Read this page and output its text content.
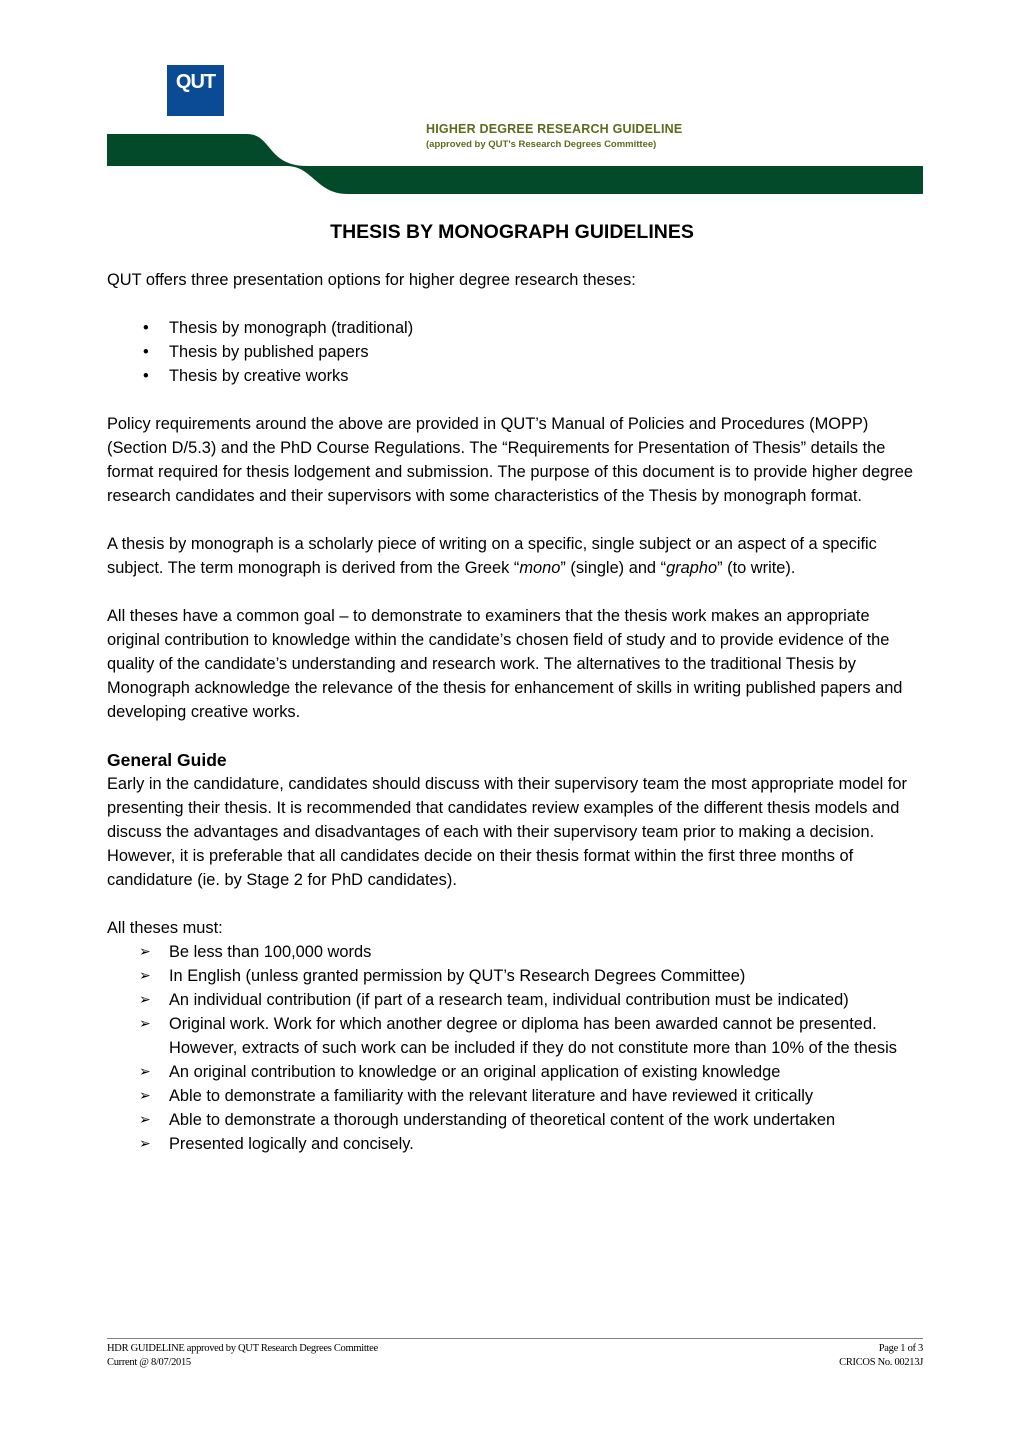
QUT
HIGHER DEGREE RESEARCH GUIDELINE
(approved by QUT's Research Degrees Committee)
THESIS BY MONOGRAPH GUIDELINES

QUT offers three presentation options for higher degree research theses:

• Thesis by monograph (traditional)
• Thesis by published papers
• Thesis by creative works

Policy requirements around the above are provided in QUT’s Manual of Policies and Procedures (MOPP) (Section D/5.3) and the PhD Course Regulations. The “Requirements for Presentation of Thesis” details the format required for thesis lodgement and submission. The purpose of this document is to provide higher degree research candidates and their supervisors with some characteristics of the Thesis by monograph format.

A thesis by monograph is a scholarly piece of writing on a specific, single subject or an aspect of a specific subject. The term monograph is derived from the Greek “mono” (single) and “grapho” (to write).

All theses have a common goal – to demonstrate to examiners that the thesis work makes an appropriate original contribution to knowledge within the candidate’s chosen field of study and to provide evidence of the quality of the candidate’s understanding and research work. The alternatives to the traditional Thesis by Monograph acknowledge the relevance of the thesis for enhancement of skills in writing published papers and developing creative works.

General Guide

Early in the candidature, candidates should discuss with their supervisory team the most appropriate model for presenting their thesis. It is recommended that candidates review examples of the different thesis models and discuss the advantages and disadvantages of each with their supervisory team prior to making a decision. However, it is preferable that all candidates decide on their thesis format within the first three months of candidature (ie. by Stage 2 for PhD candidates).

All theses must:
➢ Be less than 100,000 words
➢ In English (unless granted permission by QUT’s Research Degrees Committee)
➢ An individual contribution (if part of a research team, individual contribution must be indicated)
➢ Original work. Work for which another degree or diploma has been awarded cannot be presented. However, extracts of such work can be included if they do not constitute more than 10% of the thesis
➢ An original contribution to knowledge or an original application of existing knowledge
➢ Able to demonstrate a familiarity with the relevant literature and have reviewed it critically
➢ Able to demonstrate a thorough understanding of theoretical content of the work undertaken
➢ Presented logically and concisely.
HDR GUIDELINE approved by QUT Research Degrees Committee	Page 1 of 3
Current @ 8/07/2015	CRICOS No. 00213J
